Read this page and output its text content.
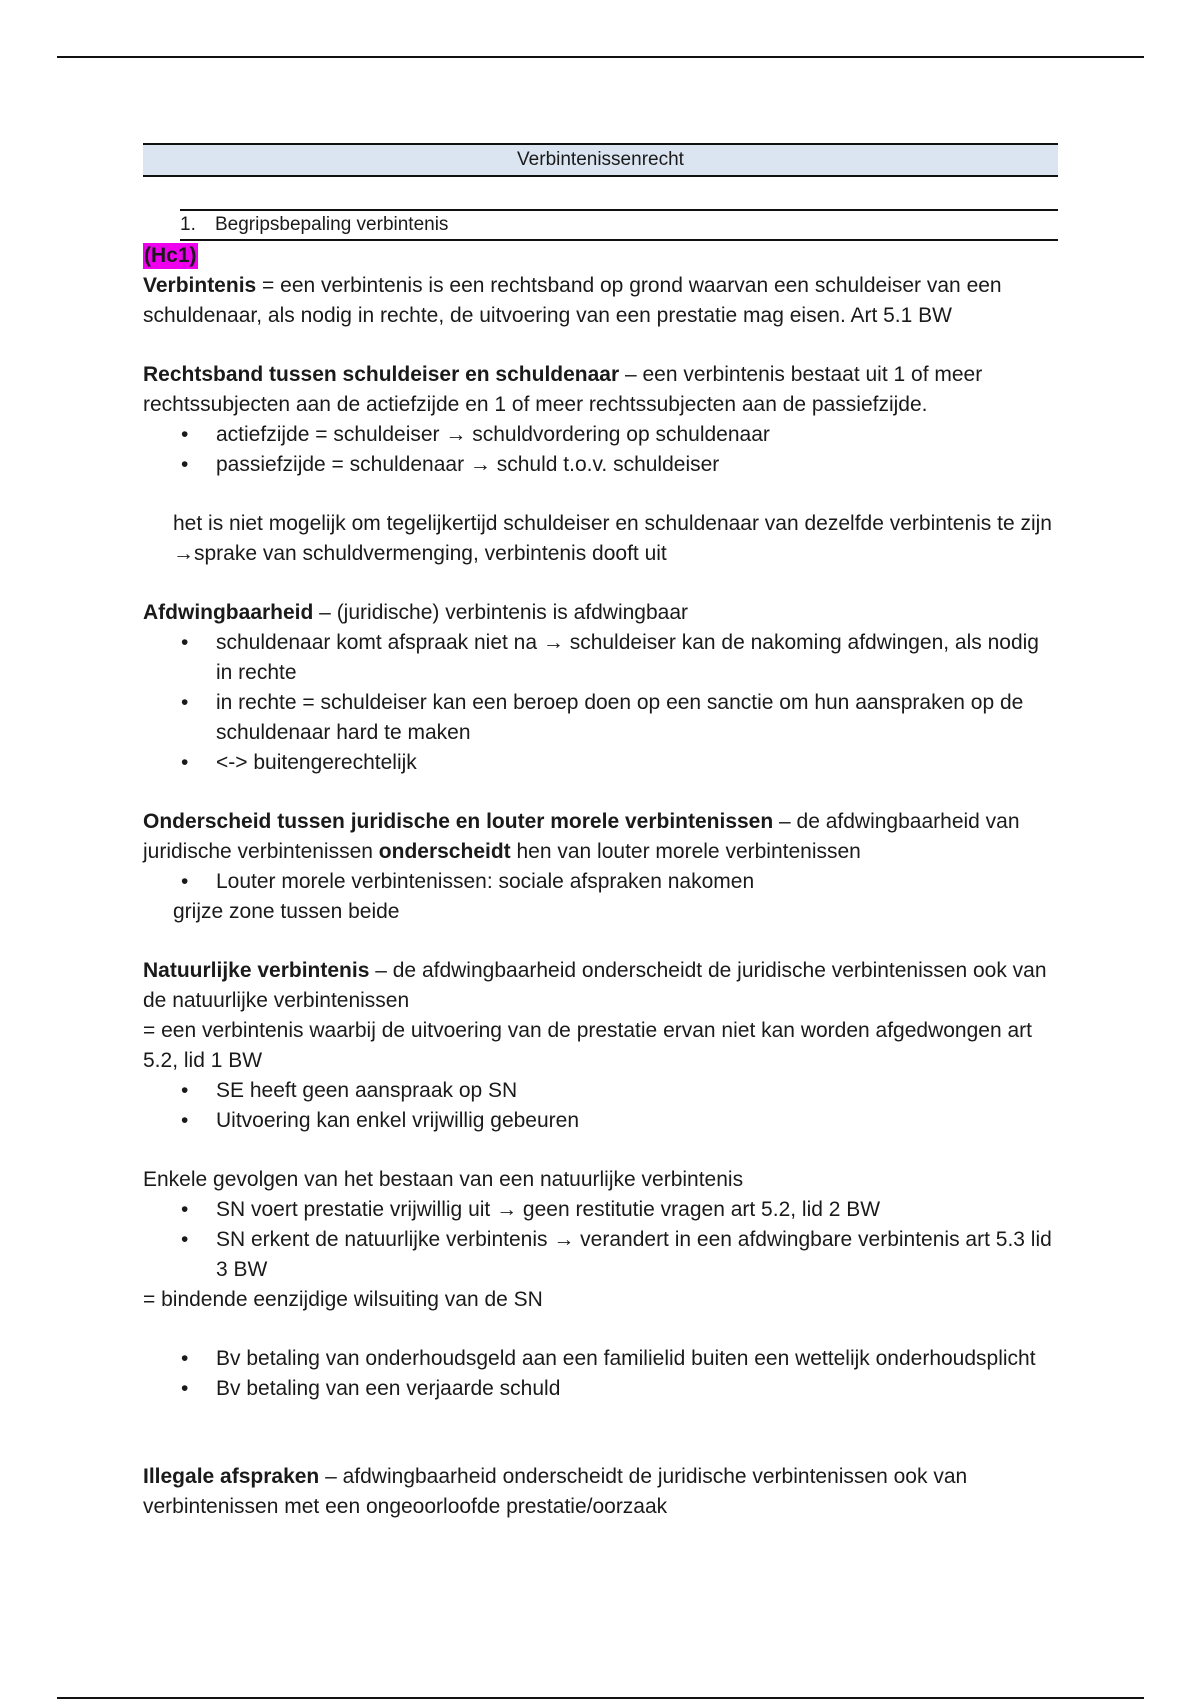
Verbintenissenrecht
1. Begripsbepaling verbintenis

(Hc1)

Verbintenis = een verbintenis is een rechtsband op grond waarvan een schuldeiser van een schuldenaar, als nodig in rechte, de uitvoering van een prestatie mag eisen. Art 5.1 BW

Rechtsband tussen schuldeiser en schuldenaar – een verbintenis bestaat uit 1 of meer rechtssubjecten aan de actiefzijde en 1 of meer rechtssubjecten aan de passiefzijde.

• actiefzijde = schuldeiser → schuldvordering op schuldenaar
• passiefzijde = schuldenaar → schuld t.o.v. schuldeiser

het is niet mogelijk om tegelijkertijd schuldeiser en schuldenaar van dezelfde verbintenis te zijn →sprake van schuldvermenging, verbintenis dooft uit

Afdwingbaarheid – (juridische) verbintenis is afdwingbaar

• schuldenaar komt afspraak niet na → schuldeiser kan de nakoming afdwingen, als nodig in rechte
• in rechte = schuldeiser kan een beroep doen op een sanctie om hun aanspraken op de schuldenaar hard te maken
• <-> buitengerechtelijk

Onderscheid tussen juridische en louter morele verbintenissen – de afdwingbaarheid van juridische verbintenissen onderscheidt hen van louter morele verbintenissen

• Louter morele verbintenissen: sociale afspraken nakomen

grijze zone tussen beide

Natuurlijke verbintenis – de afdwingbaarheid onderscheidt de juridische verbintenissen ook van de natuurlijke verbintenissen

= een verbintenis waarbij de uitvoering van de prestatie ervan niet kan worden afgedwongen art 5.2, lid 1 BW

• SE heeft geen aanspraak op SN
• Uitvoering kan enkel vrijwillig gebeuren

Enkele gevolgen van het bestaan van een natuurlijke verbintenis

• SN voert prestatie vrijwillig uit → geen restitutie vragen art 5.2, lid 2 BW
• SN erkent de natuurlijke verbintenis → verandert in een afdwingbare verbintenis art 5.3 lid 3 BW

= bindende eenzijdige wilsuiting van de SN

• Bv betaling van onderhoudsgeld aan een familielid buiten een wettelijk onderhoudsplicht
• Bv betaling van een verjaarde schuld

Illegale afspraken – afdwingbaarheid onderscheidt de juridische verbintenissen ook van verbintenissen met een ongeoorloofde prestatie/oorzaak
